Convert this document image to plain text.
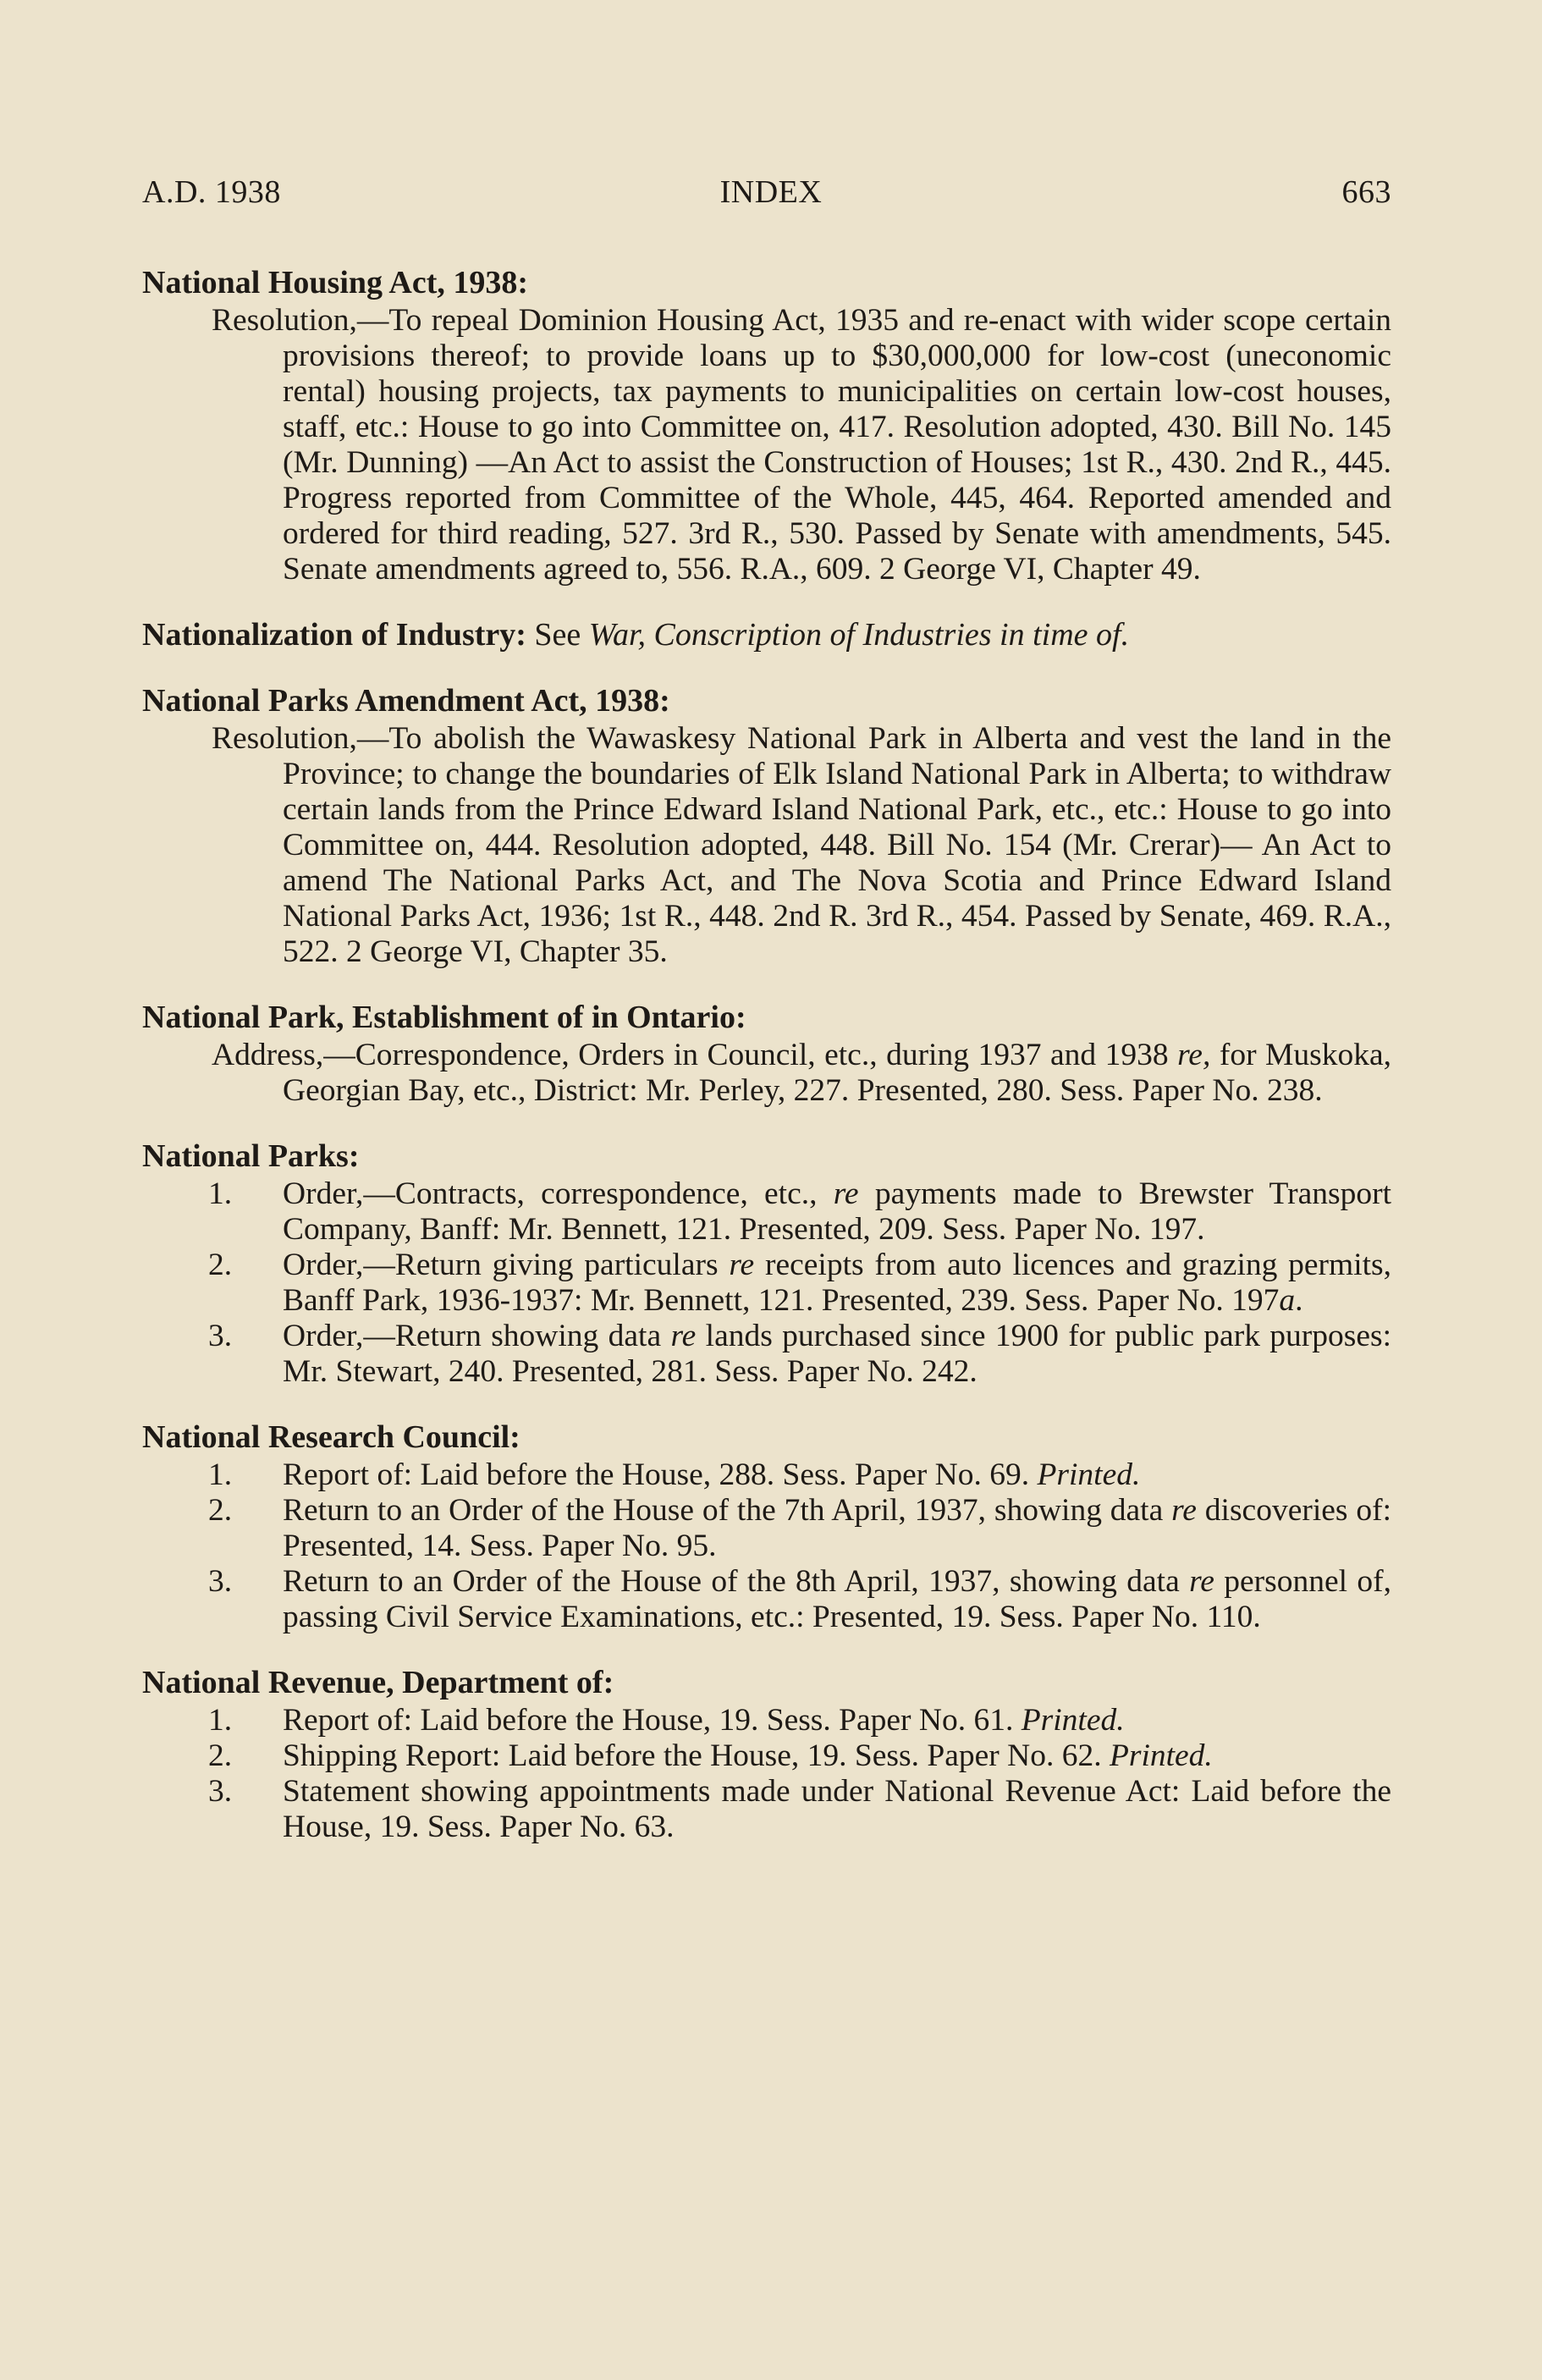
A.D. 1938	INDEX	663
National Housing Act, 1938:
Resolution,—To repeal Dominion Housing Act, 1935 and re-enact with wider scope certain provisions thereof; to provide loans up to $30,000,000 for low-cost (uneconomic rental) housing projects, tax payments to municipalities on certain low-cost houses, staff, etc.: House to go into Committee on, 417. Resolution adopted, 430. Bill No. 145 (Mr. Dunning) —An Act to assist the Construction of Houses; 1st R., 430. 2nd R., 445. Progress reported from Committee of the Whole, 445, 464. Reported amended and ordered for third reading, 527. 3rd R., 530. Passed by Senate with amendments, 545. Senate amendments agreed to, 556. R.A., 609. 2 George VI, Chapter 49.
Nationalization of Industry: See War, Conscription of Industries in time of.
National Parks Amendment Act, 1938:
Resolution,—To abolish the Wawaskesy National Park in Alberta and vest the land in the Province; to change the boundaries of Elk Island National Park in Alberta; to withdraw certain lands from the Prince Edward Island National Park, etc., etc.: House to go into Committee on, 444. Resolution adopted, 448. Bill No. 154 (Mr. Crerar)— An Act to amend The National Parks Act, and The Nova Scotia and Prince Edward Island National Parks Act, 1936; 1st R., 448. 2nd R. 3rd R., 454. Passed by Senate, 469. R.A., 522. 2 George VI, Chapter 35.
National Park, Establishment of in Ontario:
Address,—Correspondence, Orders in Council, etc., during 1937 and 1938 re, for Muskoka, Georgian Bay, etc., District: Mr. Perley, 227. Presented, 280. Sess. Paper No. 238.
National Parks:
1.	Order,—Contracts, correspondence, etc., re payments made to Brewster Transport Company, Banff: Mr. Bennett, 121. Presented, 209. Sess. Paper No. 197.
2.	Order,—Return giving particulars re receipts from auto licences and grazing permits, Banff Park, 1936-1937: Mr. Bennett, 121. Presented, 239. Sess. Paper No. 197a.
3.	Order,—Return showing data re lands purchased since 1900 for public park purposes: Mr. Stewart, 240. Presented, 281. Sess. Paper No. 242.
National Research Council:
1.	Report of: Laid before the House, 288. Sess. Paper No. 69. Printed.
2.	Return to an Order of the House of the 7th April, 1937, showing data re discoveries of: Presented, 14. Sess. Paper No. 95.
3.	Return to an Order of the House of the 8th April, 1937, showing data re personnel of, passing Civil Service Examinations, etc.: Presented, 19. Sess. Paper No. 110.
National Revenue, Department of:
1.	Report of: Laid before the House, 19. Sess. Paper No. 61. Printed.
2.	Shipping Report: Laid before the House, 19. Sess. Paper No. 62. Printed.
3.	Statement showing appointments made under National Revenue Act: Laid before the House, 19. Sess. Paper No. 63.
